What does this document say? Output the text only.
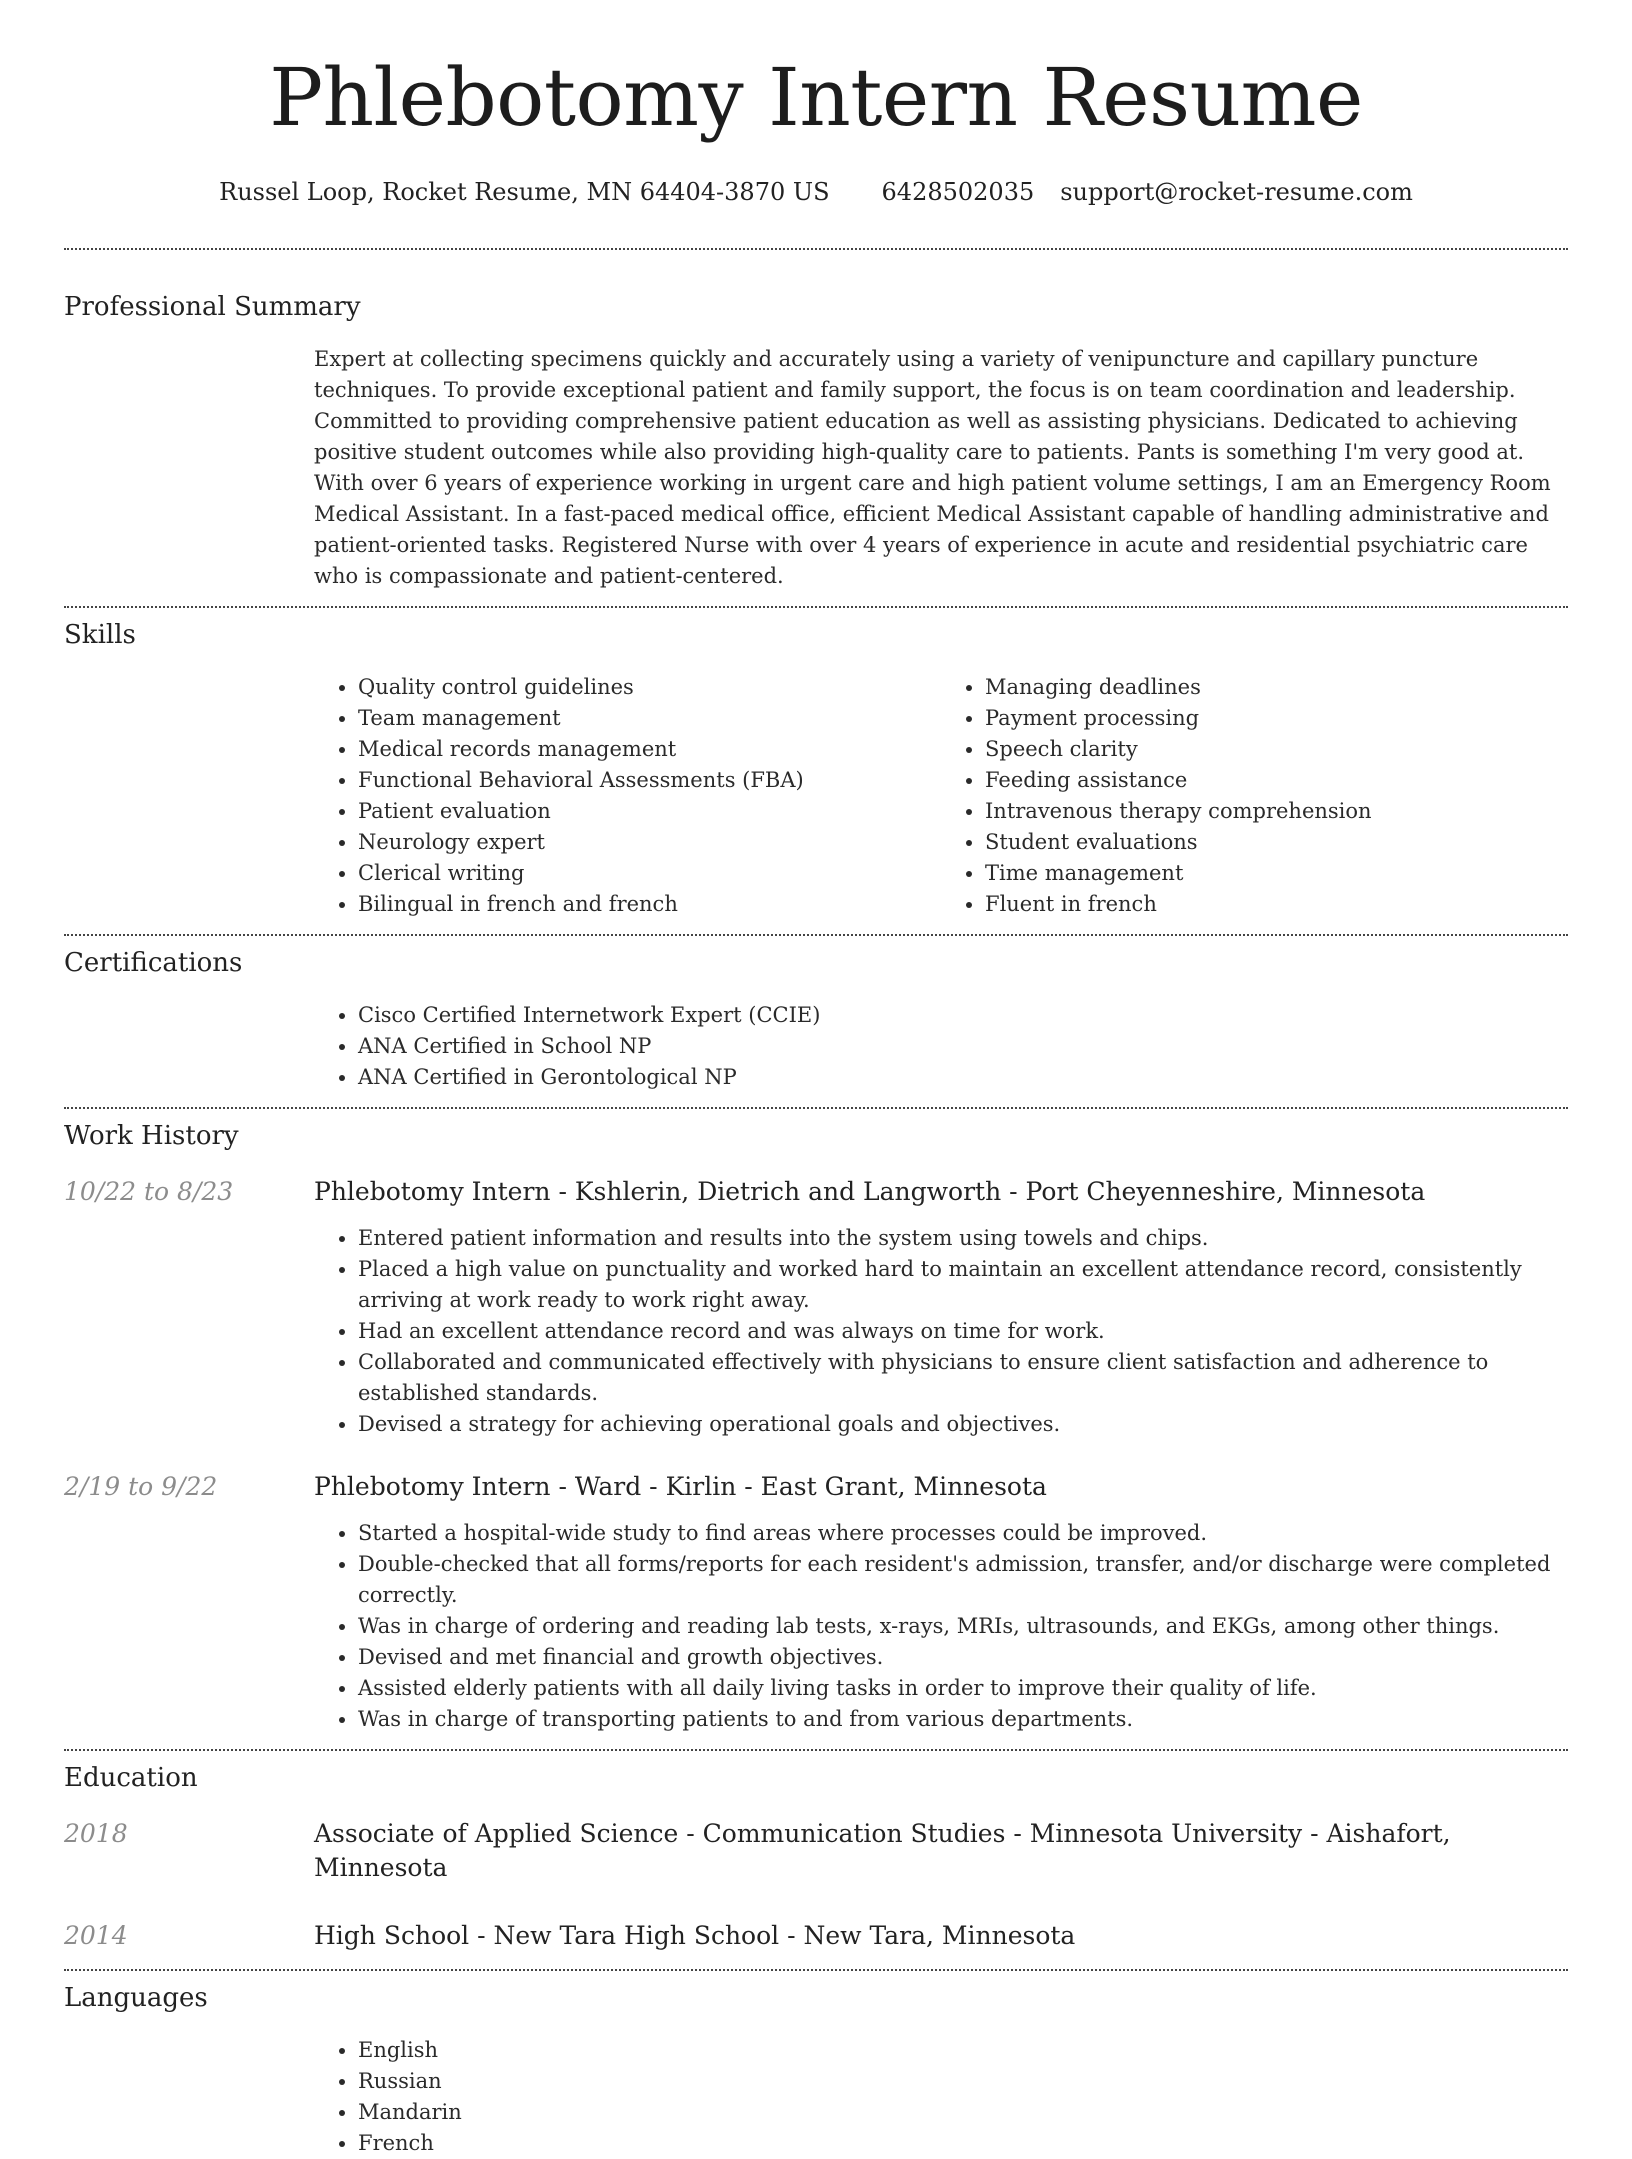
Phlebotomy Intern Resume
Russel Loop, Rocket Resume, MN 64404-3870 US 6428502035 support@rocket-resume.com
Professional Summary

Expert at collecting specimens quickly and accurately using a variety of venipuncture and capillary puncture techniques. To provide exceptional patient and family support, the focus is on team coordination and leadership. Committed to providing comprehensive patient education as well as assisting physicians. Dedicated to achieving positive student outcomes while also providing high-quality care to patients. Pants is something I'm very good at. With over 6 years of experience working in urgent care and high patient volume settings, I am an Emergency Room Medical Assistant. In a fast-paced medical office, efficient Medical Assistant capable of handling administrative and patient-oriented tasks. Registered Nurse with over 4 years of experience in acute and residential psychiatric care who is compassionate and patient-centered.

Skills
• Quality control guidelines
• Team management
• Medical records management
• Functional Behavioral Assessments (FBA)
• Patient evaluation
• Neurology expert
• Clerical writing
• Bilingual in french and french
• Managing deadlines
• Payment processing
• Speech clarity
• Feeding assistance
• Intravenous therapy comprehension
• Student evaluations
• Time management
• Fluent in french
Certifications
• Cisco Certified Internetwork Expert (CCIE)
• ANA Certified in School NP
• ANA Certified in Gerontological NP
Work History
10/22 to 8/23	Phlebotomy Intern - Kshlerin, Dietrich and Langworth - Port Cheyenneshire, Minnesota
• Entered patient information and results into the system using towels and chips.
• Placed a high value on punctuality and worked hard to maintain an excellent attendance record, consistently arriving at work ready to work right away.
• Had an excellent attendance record and was always on time for work.
• Collaborated and communicated effectively with physicians to ensure client satisfaction and adherence to established standards.
• Devised a strategy for achieving operational goals and objectives.
2/19 to 9/22	Phlebotomy Intern - Ward - Kirlin - East Grant, Minnesota
• Started a hospital-wide study to find areas where processes could be improved.
• Double-checked that all forms/reports for each resident's admission, transfer, and/or discharge were completed correctly.
• Was in charge of ordering and reading lab tests, x-rays, MRIs, ultrasounds, and EKGs, among other things.
• Devised and met financial and growth objectives.
• Assisted elderly patients with all daily living tasks in order to improve their quality of life.
• Was in charge of transporting patients to and from various departments.
Education
2018	Associate of Applied Science - Communication Studies - Minnesota University - Aishafort, Minnesota
2014	High School - New Tara High School - New Tara, Minnesota
Languages
• English
• Russian
• Mandarin
• French
